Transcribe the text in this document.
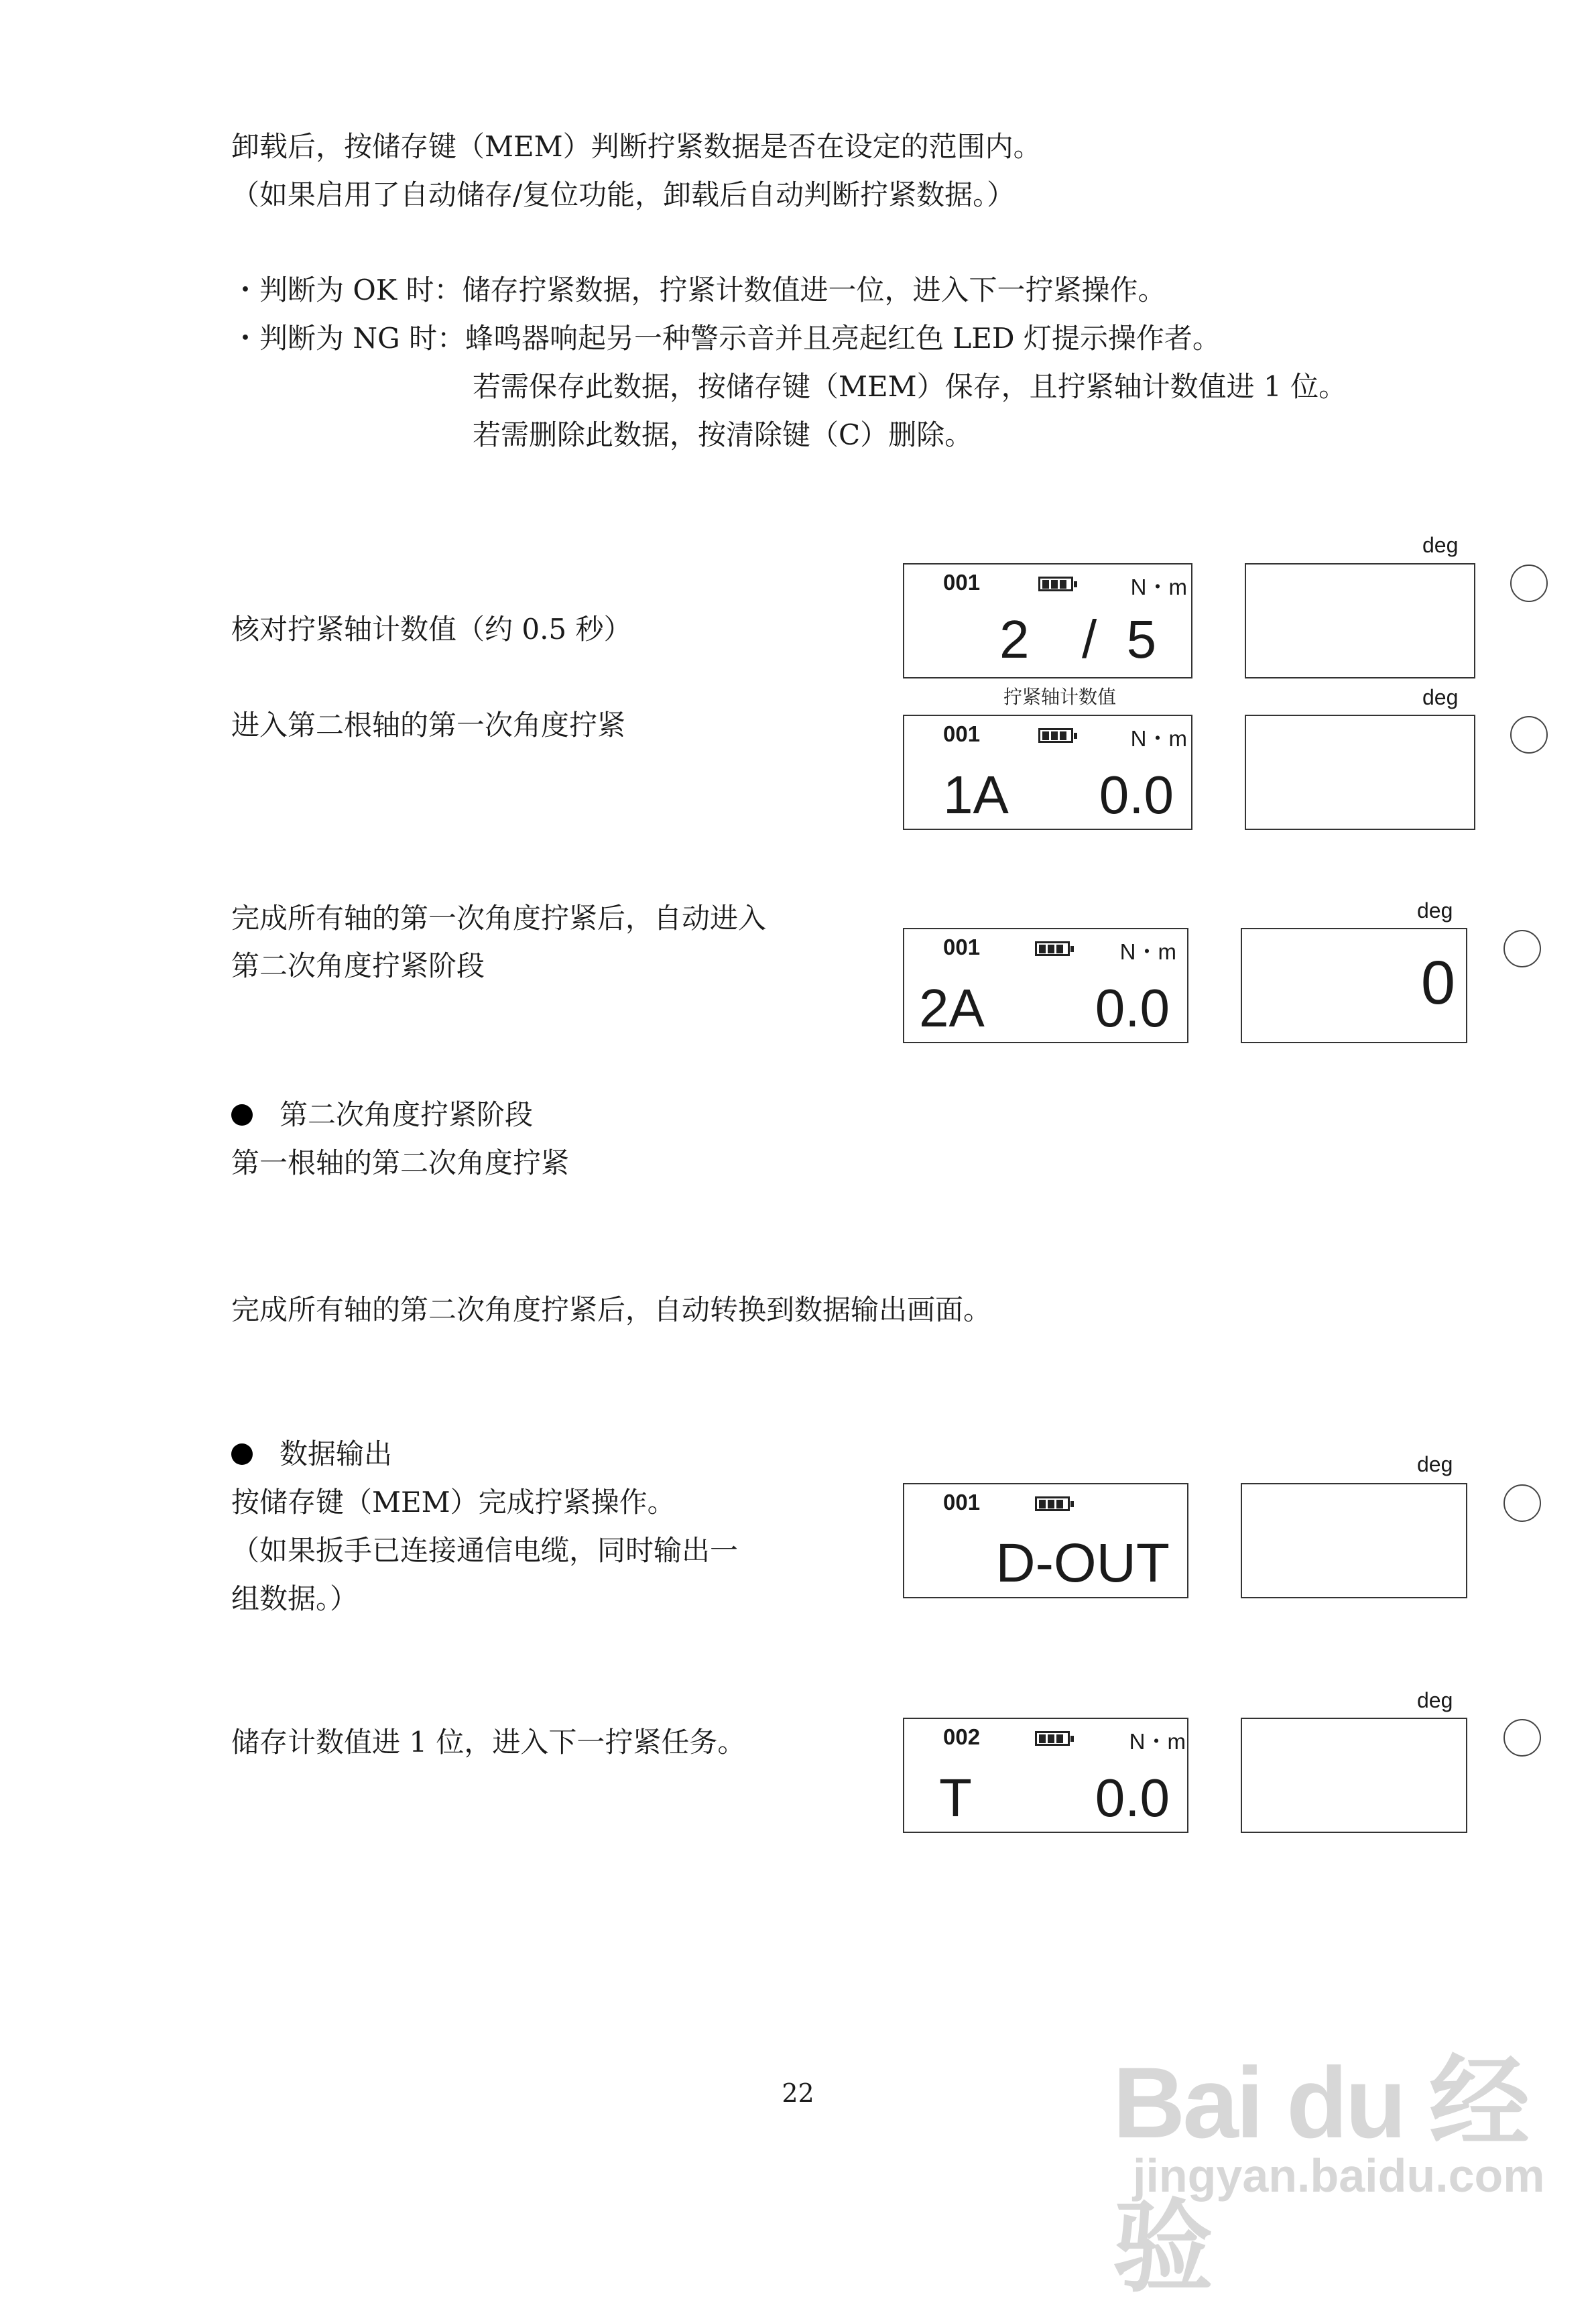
卸载后，按储存键（MEM）判断拧紧数据是否在设定的范围内。
（如果启用了自动储存/复位功能，卸载后自动判断拧紧数据。）
・判断为 OK 时：储存拧紧数据，拧紧计数值进一位，进入下一拧紧操作。
・判断为 NG 时：蜂鸣器响起另一种警示音并且亮起红色 LED 灯提示操作者。
若需保存此数据，按储存键（MEM）保存，且拧紧轴计数值进 1 位。
若需删除此数据，按清除键（C）删除。
核对拧紧轴计数值（约 0.5 秒）
deg
001	N・m
2 /  5
拧紧轴计数值
进入第二根轴的第一次角度拧紧
deg
001	N・m
1A 0.0
完成所有轴的第一次角度拧紧后，自动进入
第二次角度拧紧阶段
deg
001	N・m
2A 0.0	0
第二次角度拧紧阶段
第一根轴的第二次角度拧紧
完成所有轴的第二次角度拧紧后，自动转换到数据输出画面。
数据输出
按储存键（MEM）完成拧紧操作。
（如果扳手已连接通信电缆，同时输出一
组数据。）
deg
001
D-OUT
储存计数值进 1 位，进入下一拧紧任务。
deg
002	N・m
T 0.0
22	Bai du 经验
jingyan.baidu.com
